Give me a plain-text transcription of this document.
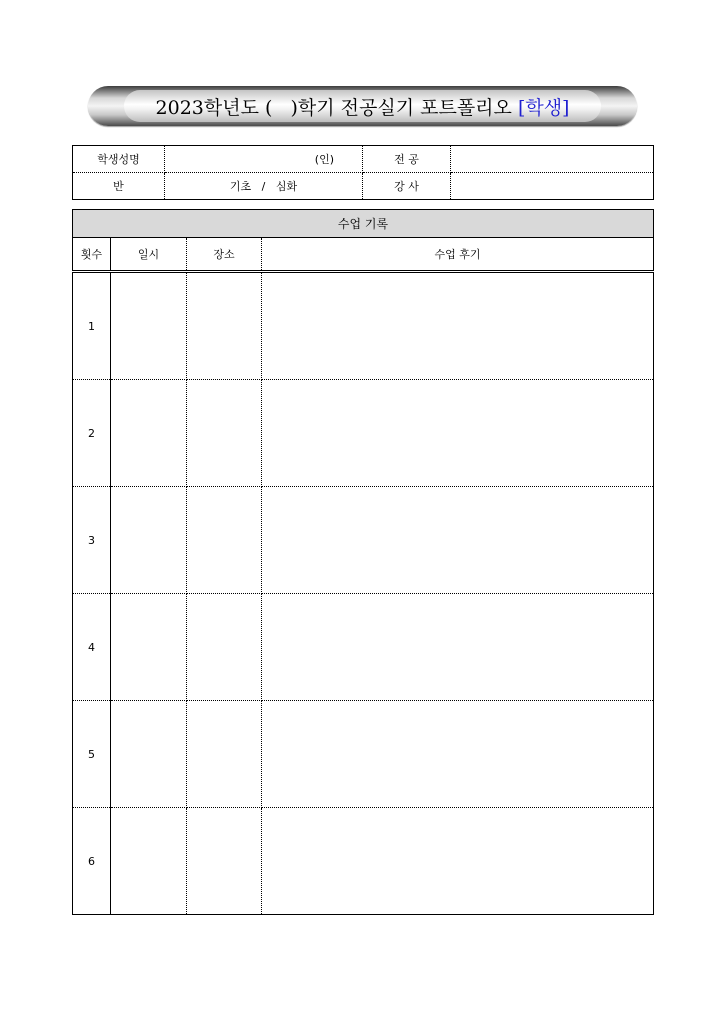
2023학년도 (   )학기 전공실기 포트폴리오 [학생]
학생성명	(인)	전 공	
반	기초   /   심화	강 사	
수업 기록			
횟수	일시	장소	수업 후기
1			
2			
3			
4			
5			
6			
